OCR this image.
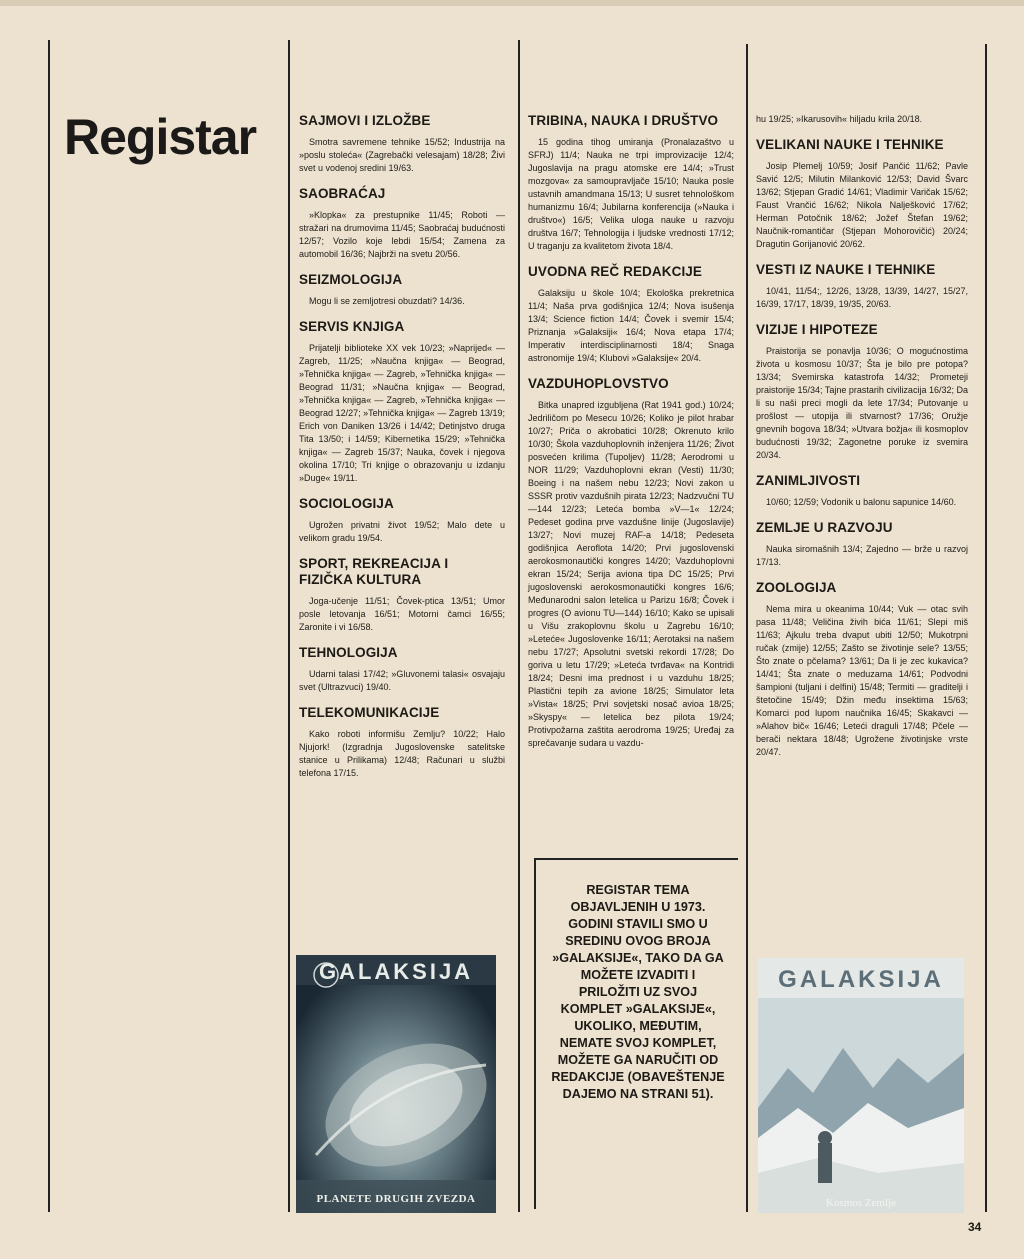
Registar	SAJMOVI I IZLOŽBE

Smotra savremene tehnike 15/52; Industrija na »poslu stoleća« (Zagrebački velesajam) 18/28; Živi svet u vodenoj sredini 19/63.

SAOBRAĆAJ

»Klopka« za prestupnike 11/45; Roboti — stražari na drumovima 11/45; Saobraćaj budućnosti 12/57; Vozilo koje lebdi 15/54; Zamena za automobil 16/36; Najbrži na svetu 20/56.

SEIZMOLOGIJA

Mogu li se zemljotresi obuzdati? 14/36.

SERVIS KNJIGA

Prijatelji biblioteke XX vek 10/23; »Naprijed« — Zagreb, 11/25; »Naučna knjiga« — Beograd, »Tehnička knjiga« — Zagreb, »Tehnička knjiga« — Beograd 11/31; »Naučna knjiga« — Beograd, »Tehnička knjiga« — Zagreb, »Tehnička knjiga« — Beograd 12/27; »Tehnička knjiga« — Zagreb 13/19; Erich von Daniken 13/26 i 14/42; Detinjstvo druga Tita 13/50; i 14/59; Kibernetika 15/29; »Tehnička knjiga« — Zagreb 15/37; Nauka, čovek i njegova okolina 17/10; Tri knjige o obrazovanju u izdanju »Duge« 19/11.

SOCIOLOGIJA

Ugrožen privatni život 19/52; Malo dete u velikom gradu 19/54.

SPORT, REKREACIJA I FIZIČKA KULTURA

Joga-učenje 11/51; Čovek-ptica 13/51; Umor posle letovanja 16/51; Motorni čamci 16/55; Zaronite i vi 16/58.

TEHNOLOGIJA

Udarni talasi 17/42; »Gluvonemi talasi« osvajaju svet (Ultrazvuci) 19/40.

TELEKOMUNIKACIJE

Kako roboti informišu Zemlju? 10/22; Halo Njujork! (Izgradnja Jugoslovenske satelitske stanice u Prilikama) 12/48; Računari u službi telefona 17/15.

TRIBINA, NAUKA I DRUŠTVO

15 godina tihog umiranja (Pronalazaštvo u SFRJ) 11/4; Nauka ne trpi improvizacije 12/4; Jugoslavija na pragu atomske ere 14/4; »Trust mozgova« za samoupravljače 15/10; Nauka posle ustavnih amandmana 15/13; U susret tehnološkom humanizmu 16/4; Jubilarna konferencija (»Nauka i društvo«) 16/5; Velika uloga nauke u razvoju društva 16/7; Tehnologija i ljudske vrednosti 17/12; U traganju za kvalitetom života 18/4.

UVODNA REČ REDAKCIJE

Galaksiju u škole 10/4; Ekološka prekretnica 11/4; Naša prva godišnjica 12/4; Nova isušenja 13/4; Science fiction 14/4; Čovek i svemir 15/4; Priznanja »Galaksiji« 16/4; Nova etapa 17/4; Imperativ interdisciplinarnosti 18/4; Snaga astronomije 19/4; Klubovi »Galaksije« 20/4.

VAZDUHOPLOVSTVO

Bitka unapred izgubljena (Rat 1941 god.) 10/24; Jedriličom po Mesecu 10/26; Koliko je pilot hrabar 10/27; Priča o akrobatici 10/28; Okrenuto krilo 10/30; Škola vazduhoplovnih inženjera 11/26; Život posvećen krilima (Tupoljev) 11/28; Aerodromi u NOR 11/29; Vazduhoplovni ekran (Vesti) 11/30; Boeing i na našem nebu 12/23; Novi zakon u SSSR protiv vazdušnih pirata 12/23; Nadzvučni TU—144 12/23; Leteća bomba »V—1« 12/24; Pedeset godina prve vazdušne linije (Jugoslavije) 13/27; Novi muzej RAF-a 14/18; Pedeseta godišnjica Aeroflota 14/20; Prvi jugoslovenski aerokosmonautički kongres 14/20; Vazduhoplovni ekran 15/24; Serija aviona tipa DC 15/25; Prvi jugoslovenski aerokosmonautički kongres 16/6; Međunarodni salon letelica u Parizu 16/8; Čovek i progres (O avionu TU—144) 16/10; Kako se upisali u Višu zrakoplovnu školu u Zagrebu 16/10; »Leteće« Jugoslovenke 16/11; Aerotaksi na našem nebu 17/27; Apsolutni svetski rekordi 17/28; Do goriva u letu 17/29; »Leteća tvrđava« na Kontridi 18/24; Desni ima prednost i u vazduhu 18/25; Plastični tepih za avione 18/25; Simulator leta »Vista« 18/25; Prvi sovjetski nosač avioa 18/25; »Skyspy« — letelica bez pilota 19/24; Protivpožarna zaštita aerodroma 19/25; Uređaj za sprečavanje sudara u vazdu-

hu 19/25; »Ikarusovih« hiljadu krila 20/18.

VELIKANI NAUKE I TEHNIKE

Josip Plemelj 10/59; Josif Pančić 11/62; Pavle Savić 12/5; Milutin Milanković 12/53; David Švarc 13/62; Stjepan Gradić 14/61; Vladimir Varičak 15/62; Faust Vrančić 16/62; Nikola Nalješković 17/62; Herman Potočnik 18/62; Jožef Štefan 19/62; Naučnik-romantičar (Stjepan Mohorovičić) 20/24; Dragutin Gorijanović 20/62.

VESTI IZ NAUKE I TEHNIKE

10/41, 11/54;, 12/26, 13/28, 13/39, 14/27, 15/27, 16/39, 17/17, 18/39, 19/35, 20/63.

VIZIJE I HIPOTEZE

Praistorija se ponavlja 10/36; O mogućnostima života u kosmosu 10/37; Šta je bilo pre potopa? 13/34; Svemirska katastrofa 14/32; Prometeji praistorije 15/34; Tajne prastarih civilizacija 16/32; Da li su naši preci mogli da lete 17/34; Putovanje u prošlost — utopija ili stvarnost? 17/36; Oružje gnevnih bogova 18/34; »Utvara božja« ili kosmoplov budućnosti 19/32; Zagonetne poruke iz svemira 20/34.

ZANIMLJIVOSTI

10/60; 12/59; Vodonik u balonu sapunice 14/60.

ZEMLJE U RAZVOJU

Nauka siromašnih 13/4; Zajedno — brže u razvoj 17/13.

ZOOLOGIJA

Nema mira u okeanima 10/44; Vuk — otac svih pasa 11/48; Veličina živih bića 11/61; Slepi miš 11/63; Ajkulu treba dvaput ubiti 12/50; Mukotrpni ručak (zmije) 12/55; Zašto se životinje sele? 13/55; Što znate o pčelama? 13/61; Da li je zec kukavica? 14/41; Šta znate o meduzama 14/61; Podvodni šampioni (tuljani i delfini) 15/48; Termiti — graditelji i štetočine 15/49; Džin među insektima 15/63; Komarci pod lupom naučnika 16/45; Skakavci — »Alahov bič« 16/46; Leteći draguli 17/48; Pčele — berači nektara 18/48; Ugrožene životinjske vrste 20/47.

REGISTAR TEMA OBJAVLJENIH U 1973. GODINI STAVILI SMO U SREDINU OVOG BROJA »GALAKSIJE«, TAKO DA GA MOŽETE IZVADITI I PRILOŽITI UZ SVOJ KOMPLET »GALAKSIJE«, UKOLIKO, MEĐUTIM, NEMATE SVOJ KOMPLET, MOŽETE GA NARUČITI OD REDAKCIJE (OBAVEŠTENJE DAJEMO NA STRANI 51).
GALAKSIJA
PLANETE DRUGIH ZVEZDA
GALAKSIJA
Kosmos Zemlje
34
